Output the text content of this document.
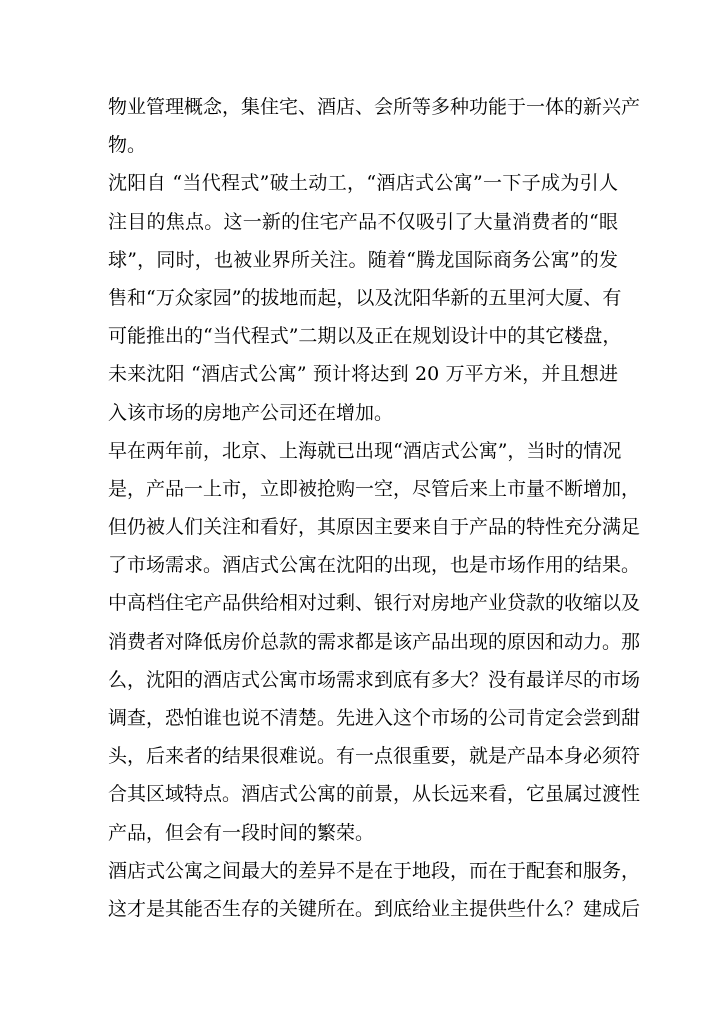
物业管理概念，集住宅、酒店、会所等多种功能于一体的新兴产
物。
沈阳自 “当代程式”破土动工，“酒店式公寓”一下子成为引人
注目的焦点。这一新的住宅产品不仅吸引了大量消费者的“眼
球”，同时，也被业界所关注。随着“腾龙国际商务公寓”的发
售和“万众家园”的拔地而起，以及沈阳华新的五里河大厦、有
可能推出的“当代程式”二期以及正在规划设计中的其它楼盘，
未来沈阳 “酒店式公寓” 预计将达到 20 万平方米，并且想进
入该市场的房地产公司还在增加。
早在两年前，北京、上海就已出现“酒店式公寓”，当时的情况
是，产品一上市，立即被抢购一空，尽管后来上市量不断增加，
但仍被人们关注和看好，其原因主要来自于产品的特性充分满足
了市场需求。酒店式公寓在沈阳的出现，也是市场作用的结果。
中高档住宅产品供给相对过剩、银行对房地产业贷款的收缩以及
消费者对降低房价总款的需求都是该产品出现的原因和动力。那
么，沈阳的酒店式公寓市场需求到底有多大？没有最详尽的市场
调查，恐怕谁也说不清楚。先进入这个市场的公司肯定会尝到甜
头，后来者的结果很难说。有一点很重要，就是产品本身必须符
合其区域特点。酒店式公寓的前景，从长远来看，它虽属过渡性
产品，但会有一段时间的繁荣。
酒店式公寓之间最大的差异不是在于地段，而在于配套和服务，
这才是其能否生存的关键所在。到底给业主提供些什么？建成后
